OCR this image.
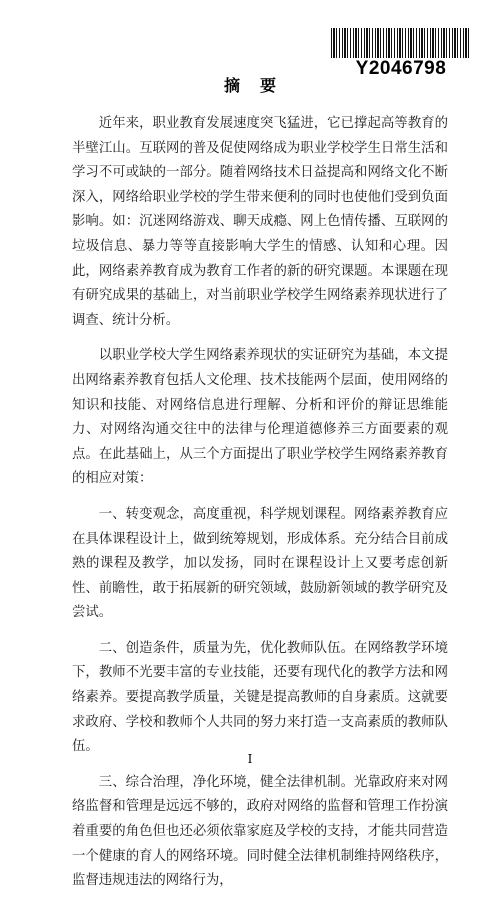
Y2046798
摘要

近年来，职业教育发展速度突飞猛进，它已撑起高等教育的半壁江山。互联网的普及促使网络成为职业学校学生日常生活和学习不可或缺的一部分。随着网络技术日益提高和网络文化不断深入，网络给职业学校的学生带来便利的同时也使他们受到负面影响。如：沉迷网络游戏、聊天成瘾、网上色情传播、互联网的垃圾信息、暴力等等直接影响大学生的情感、认知和心理。因此，网络素养教育成为教育工作者的新的研究课题。本课题在现有研究成果的基础上，对当前职业学校学生网络素养现状进行了调查、统计分析。

以职业学校大学生网络素养现状的实证研究为基础，本文提出网络素养教育包括人文伦理、技术技能两个层面，使用网络的知识和技能、对网络信息进行理解、分析和评价的辩证思维能力、对网络沟通交往中的法律与伦理道德修养三方面要素的观点。在此基础上，从三个方面提出了职业学校学生网络素养教育的相应对策：

一、转变观念，高度重视，科学规划课程。网络素养教育应在具体课程设计上，做到统筹规划，形成体系。充分结合目前成熟的课程及教学，加以发扬，同时在课程设计上又要考虑创新性、前瞻性，敢于拓展新的研究领域，鼓励新领域的教学研究及尝试。

二、创造条件，质量为先，优化教师队伍。在网络教学环境下，教师不光要丰富的专业技能，还要有现代化的教学方法和网络素养。要提高教学质量，关键是提高教师的自身素质。这就要求政府、学校和教师个人共同的努力来打造一支高素质的教师队伍。

三、综合治理，净化环境，健全法律机制。光靠政府来对网络监督和管理是远远不够的，政府对网络的监督和管理工作扮演着重要的角色但也还必须依靠家庭及学校的支持，才能共同营造一个健康的育人的网络环境。同时健全法律机制维持网络秩序，监督违规违法的网络行为，

I
